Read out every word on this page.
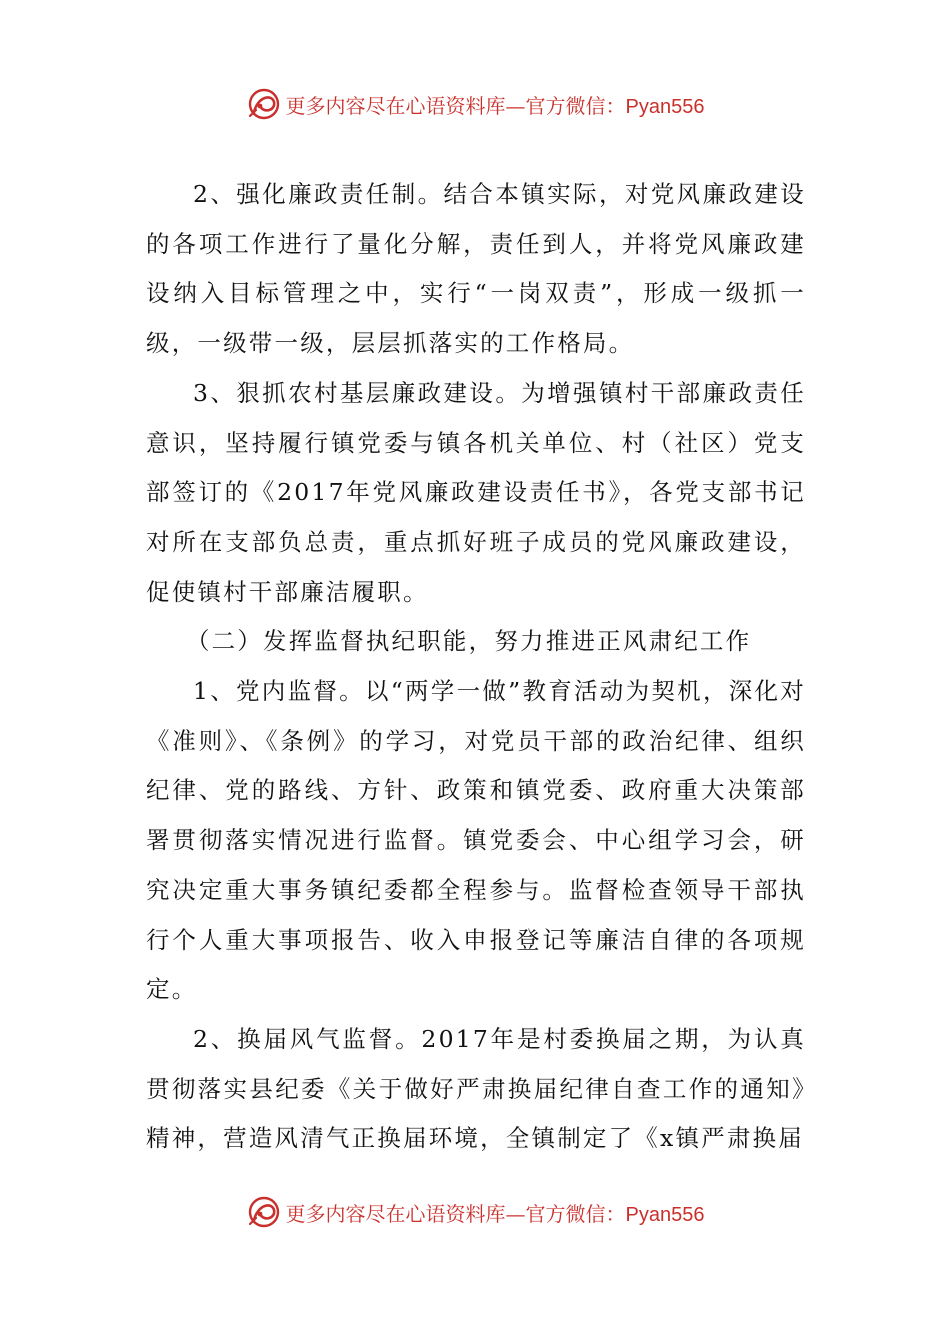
更多内容尽在心语资料库—官方微信：Pyan556

2、强化廉政责任制。结合本镇实际，对党风廉政建设的各项工作进行了量化分解，责任到人，并将党风廉政建设纳入目标管理之中，实行“一岗双责”，形成一级抓一级，一级带一级，层层抓落实的工作格局。

3、狠抓农村基层廉政建设。为增强镇村干部廉政责任意识，坚持履行镇党委与镇各机关单位、村（社区）党支部签订的《2017年党风廉政建设责任书》，各党支部书记对所在支部负总责，重点抓好班子成员的党风廉政建设，促使镇村干部廉洁履职。

（二）发挥监督执纪职能，努力推进正风肃纪工作

1、党内监督。以“两学一做”教育活动为契机，深化对《准则》、《条例》的学习，对党员干部的政治纪律、组织纪律、党的路线、方针、政策和镇党委、政府重大决策部署贯彻落实情况进行监督。镇党委会、中心组学习会，研究决定重大事务镇纪委都全程参与。监督检查领导干部执行个人重大事项报告、收入申报登记等廉洁自律的各项规定。

2、换届风气监督。2017年是村委换届之期，为认真贯彻落实县纪委《关于做好严肃换届纪律自查工作的通知》精神，营造风清气正换届环境，全镇制定了《x镇严肃换届

更多内容尽在心语资料库—官方微信：Pyan556
